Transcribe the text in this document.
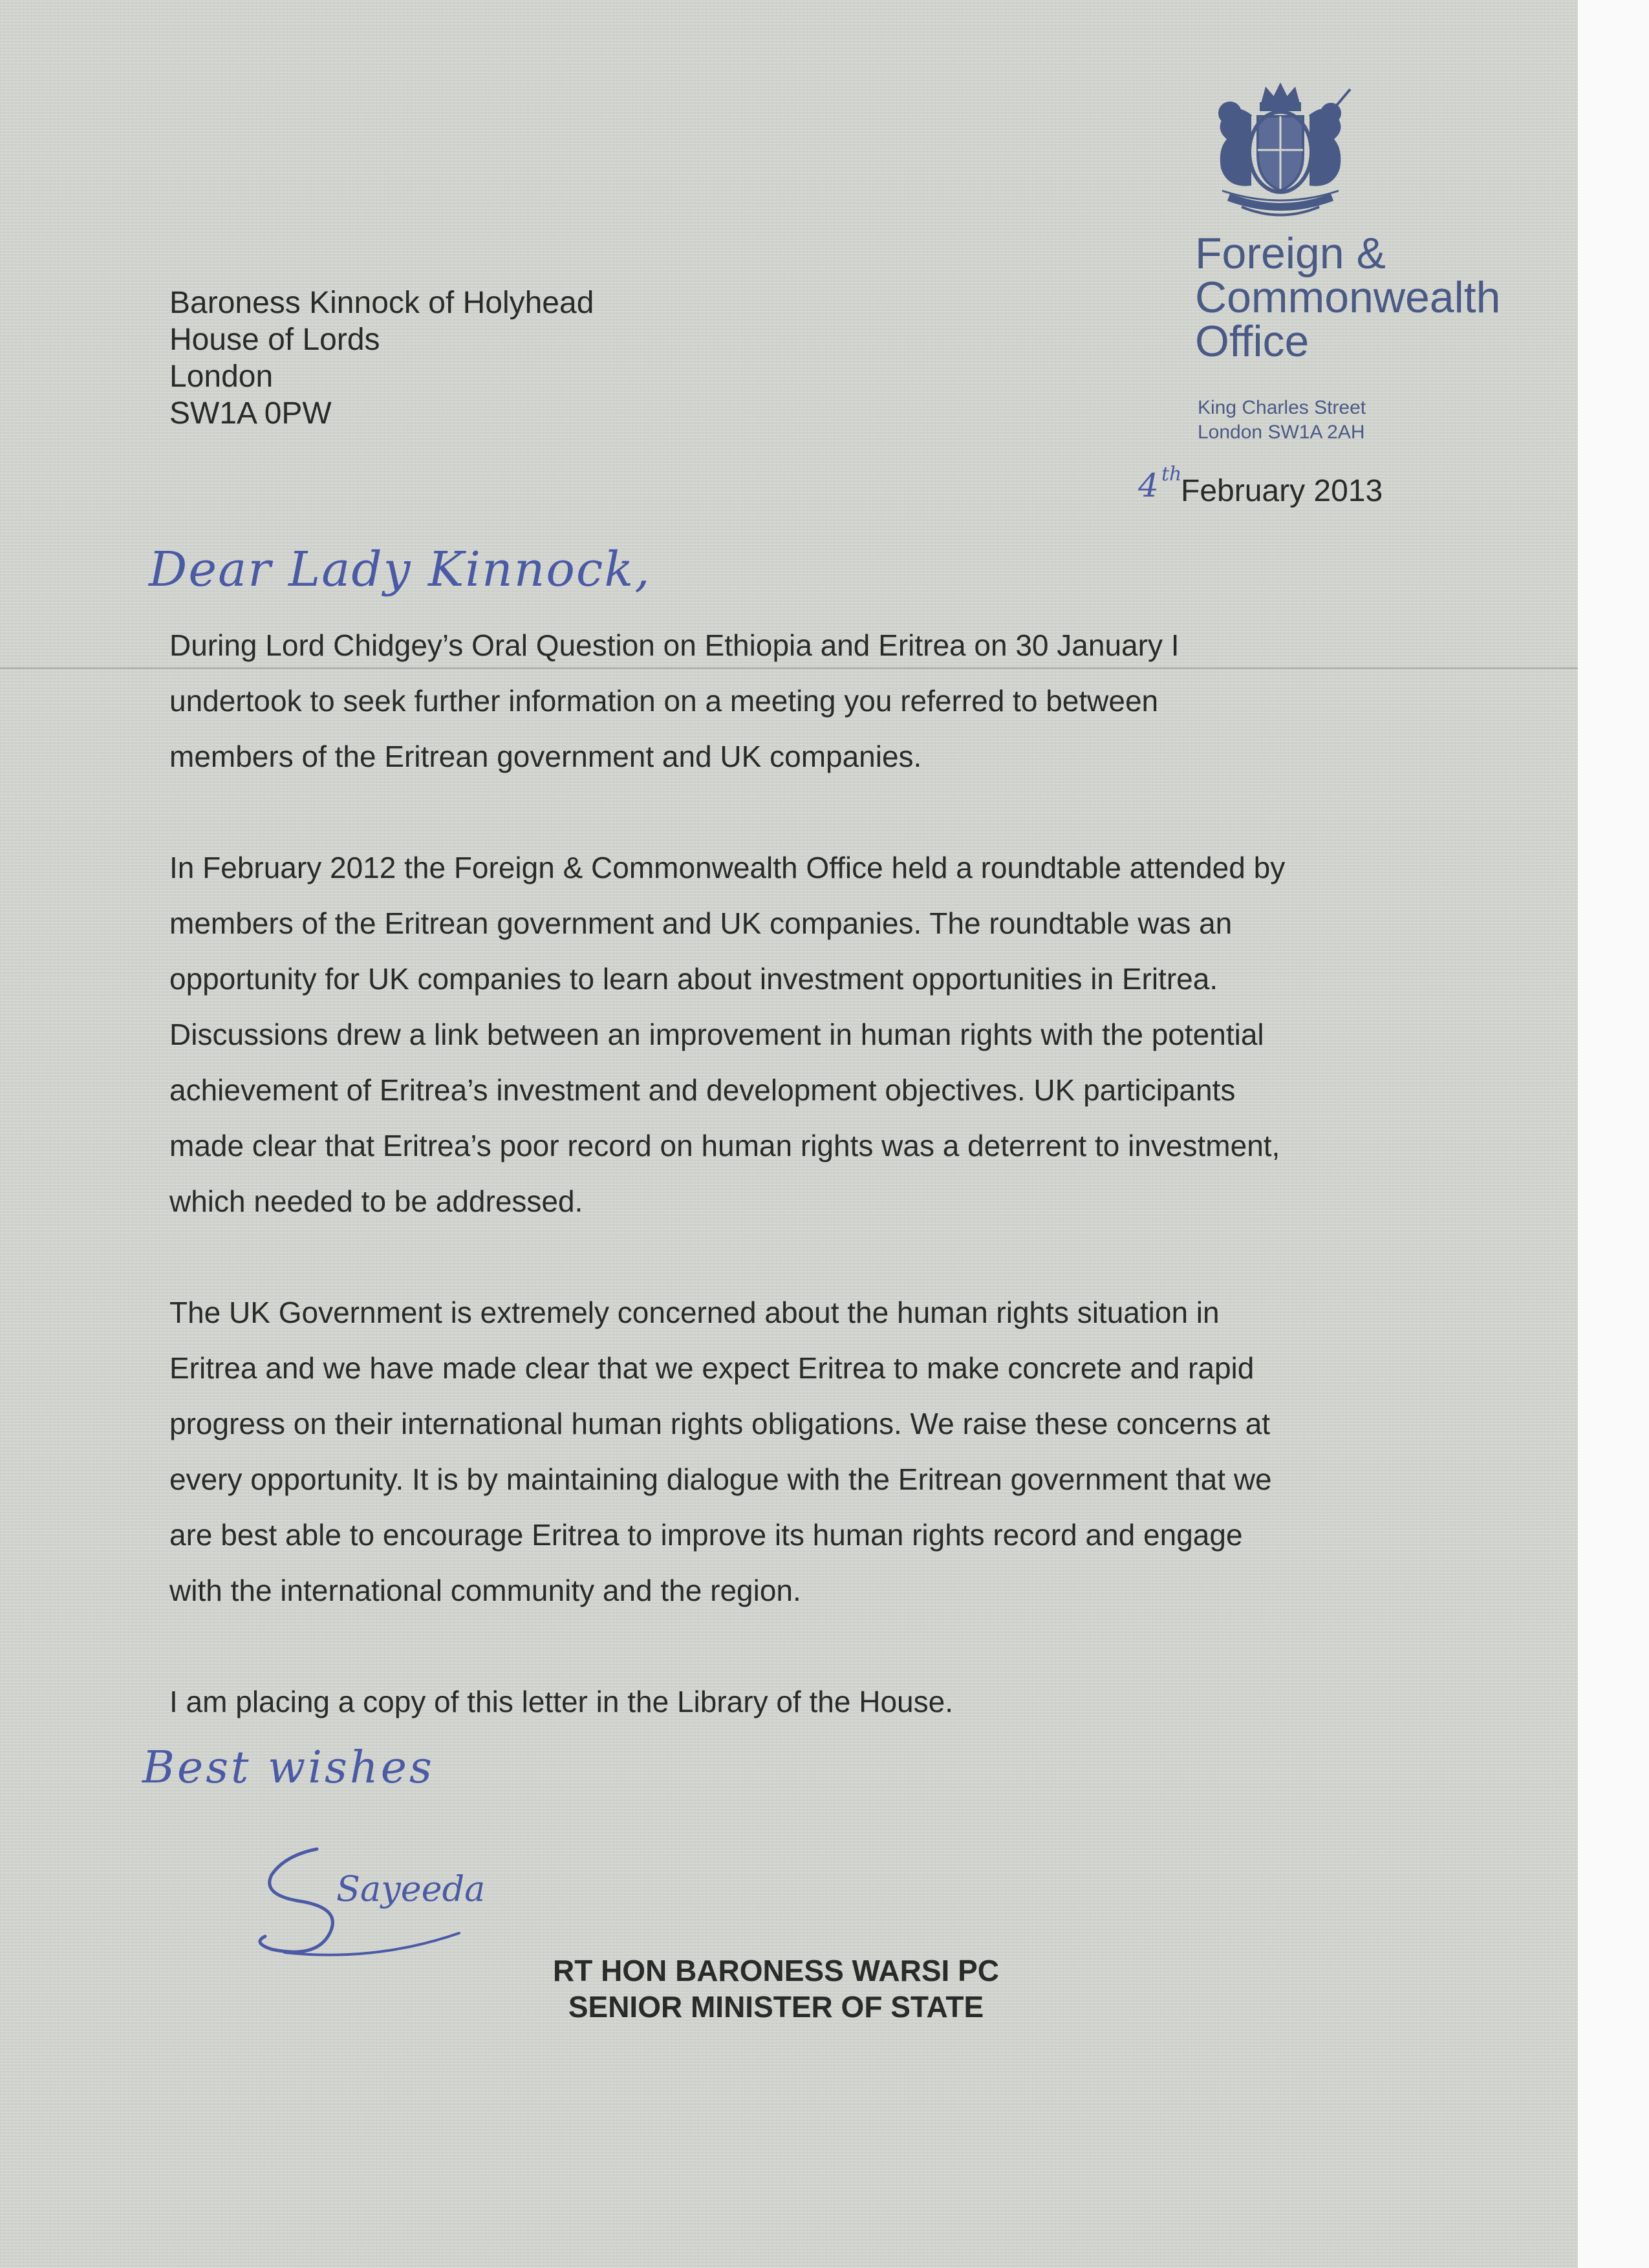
Foreign &
Commonwealth
Office
King Charles Street
London SW1A 2AH
Baroness Kinnock of Holyhead
House of Lords
London
SW1A 0PW
4 th
February 2013
Dear Lady Kinnock,
During Lord Chidgey’s Oral Question on Ethiopia and Eritrea on 30 January I
undertook to seek further information on a meeting you referred to between
members of the Eritrean government and UK companies.
In February 2012 the Foreign & Commonwealth Office held a roundtable attended by
members of the Eritrean government and UK companies. The roundtable was an
opportunity for UK companies to learn about investment opportunities in Eritrea.
Discussions drew a link between an improvement in human rights with the potential
achievement of Eritrea’s investment and development objectives. UK participants
made clear that Eritrea’s poor record on human rights was a deterrent to investment,
which needed to be addressed.
The UK Government is extremely concerned about the human rights situation in
Eritrea and we have made clear that we expect Eritrea to make concrete and rapid
progress on their international human rights obligations. We raise these concerns at
every opportunity. It is by maintaining dialogue with the Eritrean government that we
are best able to encourage Eritrea to improve its human rights record and engage
with the international community and the region.
I am placing a copy of this letter in the Library of the House.
Best wishes
Sayeeda
RT HON BARONESS WARSI PC
SENIOR MINISTER OF STATE
